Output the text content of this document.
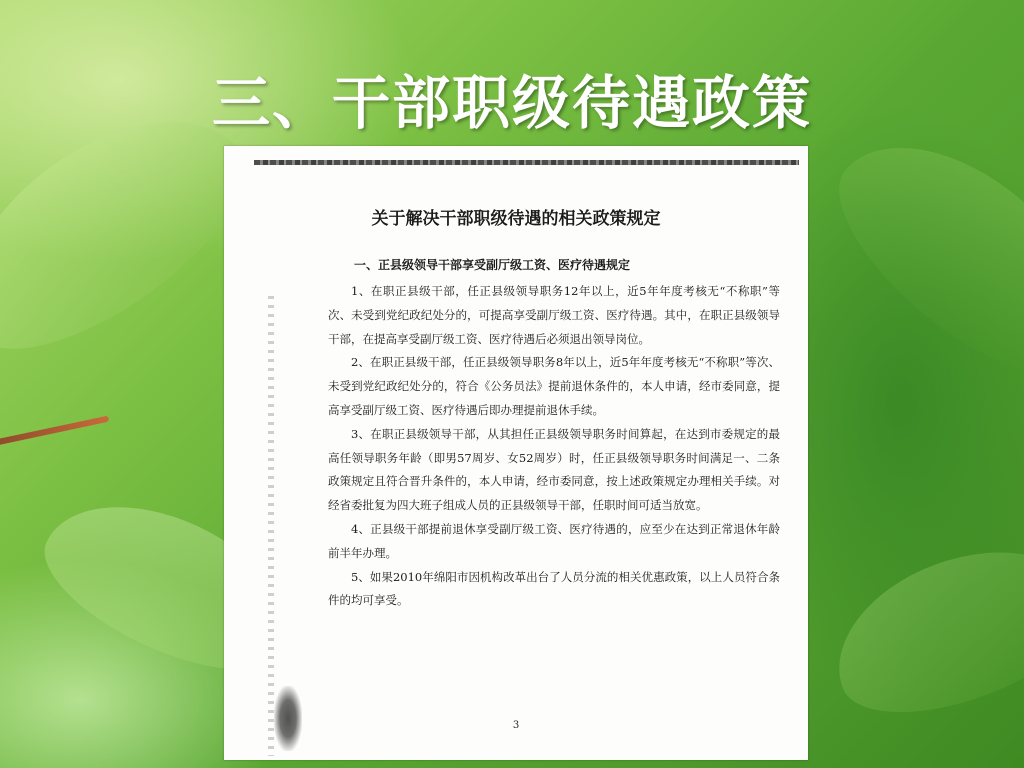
三、干部职级待遇政策
关于解决干部职级待遇的相关政策规定
一、正县级领导干部享受副厅级工资、医疗待遇规定

1、在职正县级干部，任正县级领导职务12年以上，近5年年度考核无“不称职”等次、未受到党纪政纪处分的，可提高享受副厅级工资、医疗待遇。其中，在职正县级领导干部，在提高享受副厅级工资、医疗待遇后必须退出领导岗位。

2、在职正县级干部，任正县级领导职务8年以上，近5年年度考核无“不称职”等次、未受到党纪政纪处分的，符合《公务员法》提前退休条件的，本人申请，经市委同意，提高享受副厅级工资、医疗待遇后即办理提前退休手续。

3、在职正县级领导干部，从其担任正县级领导职务时间算起，在达到市委规定的最高任领导职务年龄（即男57周岁、女52周岁）时，任正县级领导职务时间满足一、二条政策规定且符合晋升条件的，本人申请，经市委同意，按上述政策规定办理相关手续。对经省委批复为四大班子组成人员的正县级领导干部，任职时间可适当放宽。

4、正县级干部提前退休享受副厅级工资、医疗待遇的，应至少在达到正常退休年龄前半年办理。

5、如果2010年绵阳市因机构改革出台了人员分流的相关优惠政策，以上人员符合条件的均可享受。

3
